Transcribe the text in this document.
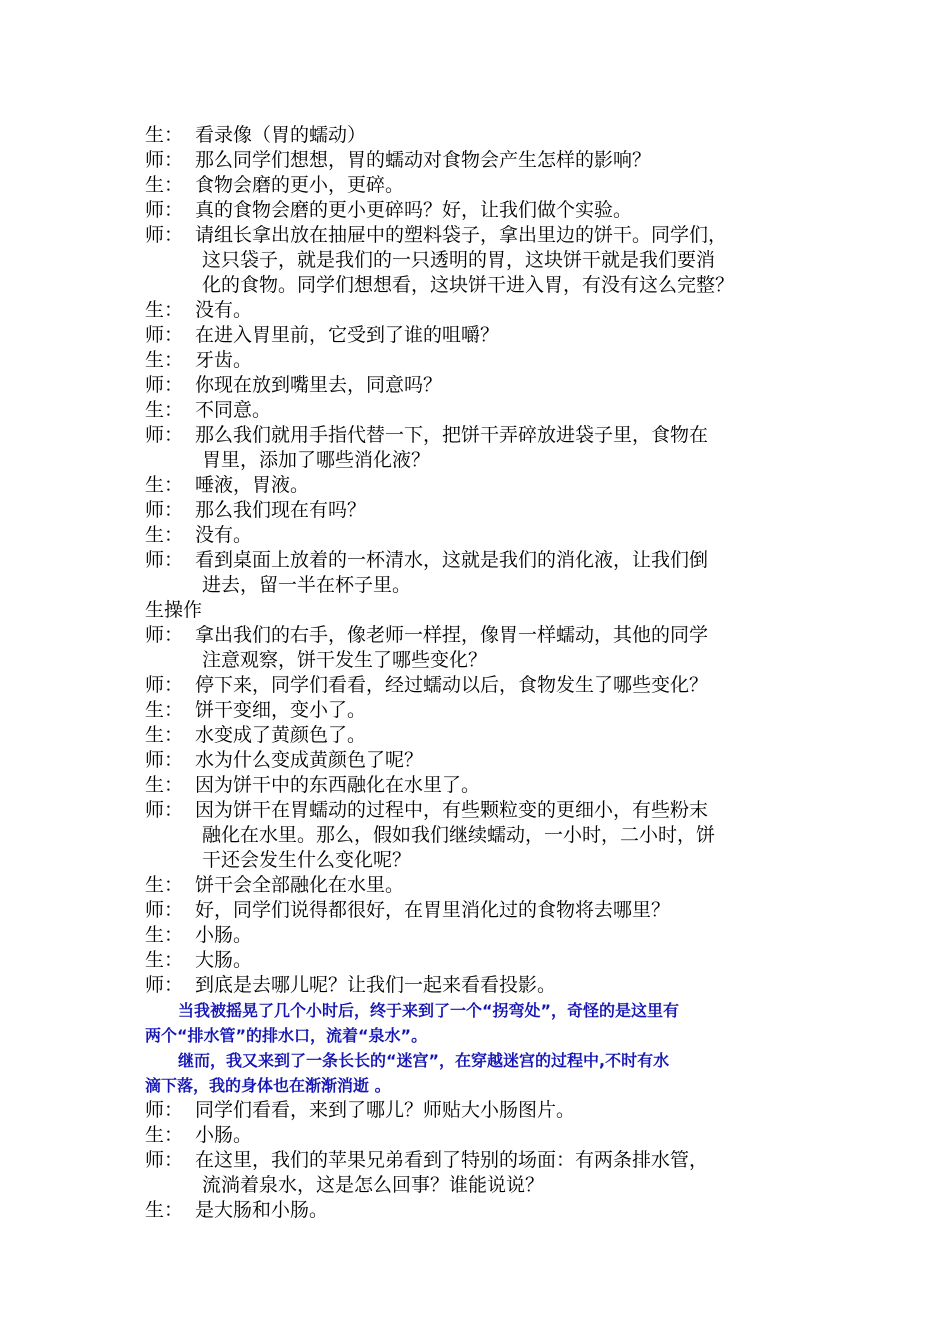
生： 看录像（胃的蠕动）
师： 那么同学们想想，胃的蠕动对食物会产生怎样的影响？
生： 食物会磨的更小，更碎。
师： 真的食物会磨的更小更碎吗？好，让我们做个实验。
师： 请组长拿出放在抽屉中的塑料袋子，拿出里边的饼干。同学们，
这只袋子，就是我们的一只透明的胃，这块饼干就是我们要消
化的食物。同学们想想看，这块饼干进入胃，有没有这么完整？
生： 没有。
师： 在进入胃里前，它受到了谁的咀嚼？
生： 牙齿。
师： 你现在放到嘴里去，同意吗？
生： 不同意。
师： 那么我们就用手指代替一下，把饼干弄碎放进袋子里，食物在
胃里，添加了哪些消化液？
生： 唾液，胃液。
师： 那么我们现在有吗？
生： 没有。
师： 看到桌面上放着的一杯清水，这就是我们的消化液，让我们倒
进去，留一半在杯子里。
生操作
师： 拿出我们的右手，像老师一样捏，像胃一样蠕动，其他的同学
注意观察，饼干发生了哪些变化？
师： 停下来，同学们看看，经过蠕动以后，食物发生了哪些变化？
生： 饼干变细，变小了。
生： 水变成了黄颜色了。
师： 水为什么变成黄颜色了呢？
生： 因为饼干中的东西融化在水里了。
师： 因为饼干在胃蠕动的过程中，有些颗粒变的更细小，有些粉末
融化在水里。那么，假如我们继续蠕动，一小时，二小时，饼
干还会发生什么变化呢？
生： 饼干会全部融化在水里。
师： 好，同学们说得都很好，在胃里消化过的食物将去哪里？
生： 小肠。
生： 大肠。
师： 到底是去哪儿呢？让我们一起来看看投影。
当我被摇晃了几个小时后，终于来到了一个“拐弯处”，奇怪的是这里有
两个“排水管”的排水口，流着“泉水”。
继而，我又来到了一条长长的“迷宫”，在穿越迷宫的过程中,不时有水
滴下落，我的身体也在渐渐消逝 。
师： 同学们看看，来到了哪儿？师贴大小肠图片。
生： 小肠。
师： 在这里，我们的苹果兄弟看到了特别的场面：有两条排水管，
流淌着泉水，这是怎么回事？谁能说说？
生： 是大肠和小肠。
